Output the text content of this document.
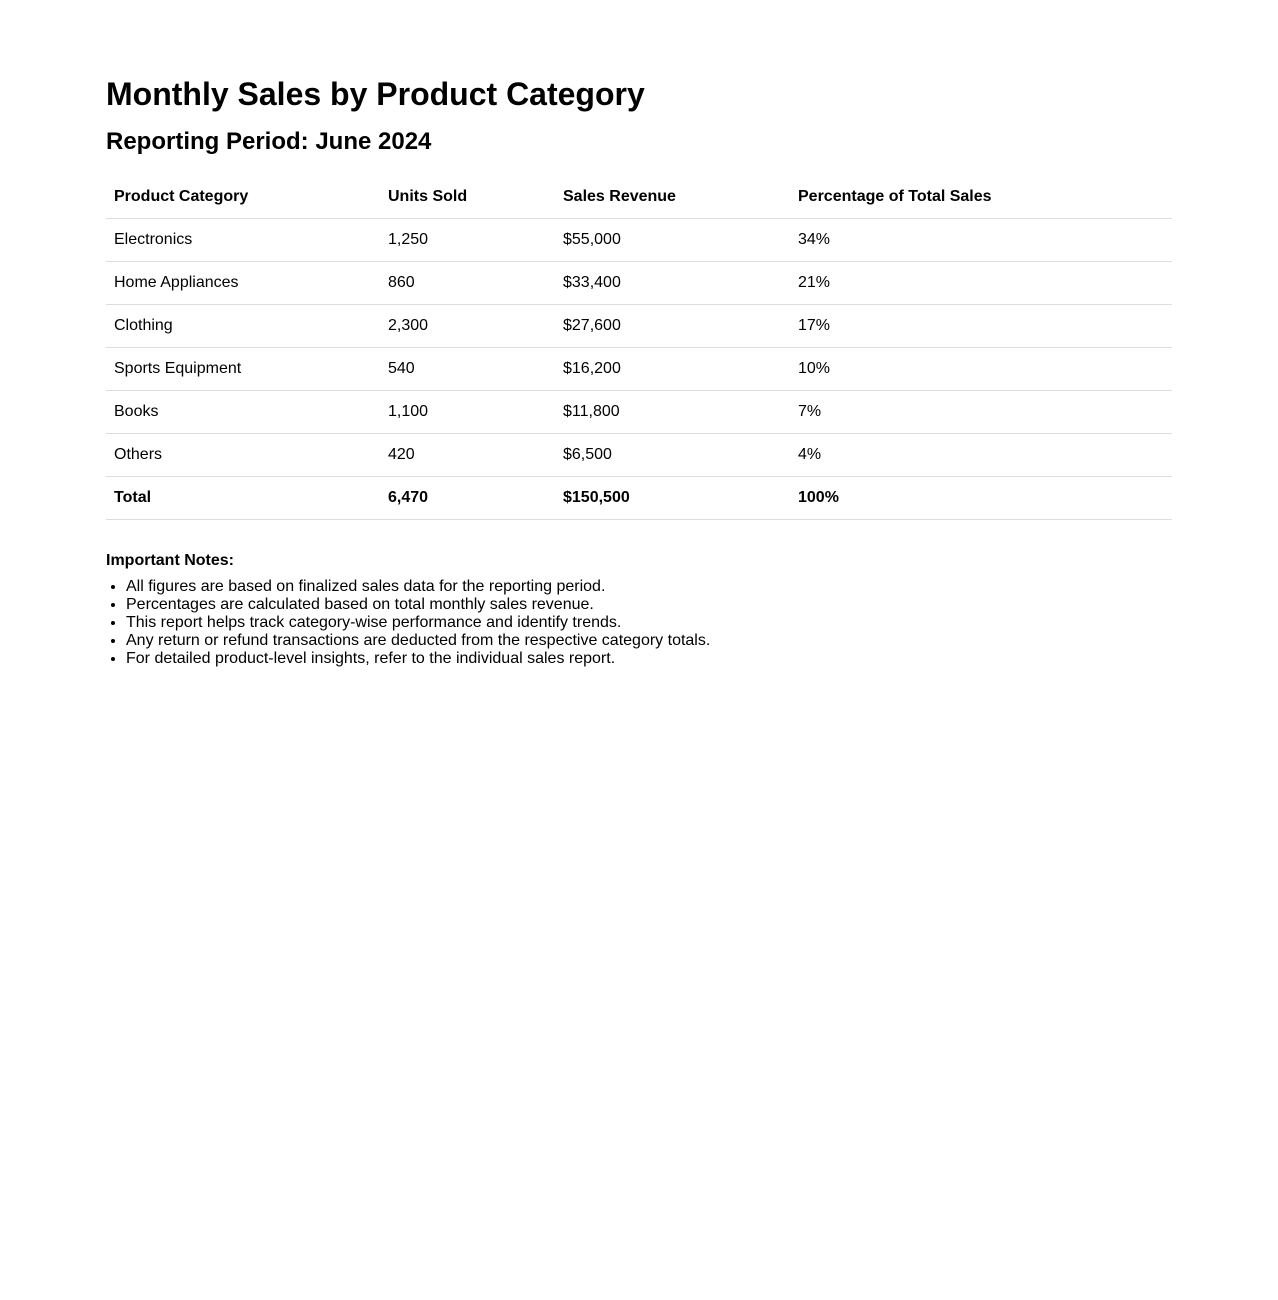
Monthly Sales by Product Category
Reporting Period: June 2024
Product Category	Units Sold	Sales Revenue	Percentage of Total Sales
Electronics	1,250	$55,000	34%
Home Appliances	860	$33,400	21%
Clothing	2,300	$27,600	17%
Sports Equipment	540	$16,200	10%
Books	1,100	$11,800	7%
Others	420	$6,500	4%
Total	6,470	$150,500	100%
Important Notes:
• All figures are based on finalized sales data for the reporting period.
• Percentages are calculated based on total monthly sales revenue.
• This report helps track category-wise performance and identify trends.
• Any return or refund transactions are deducted from the respective category totals.
• For detailed product-level insights, refer to the individual sales report.
